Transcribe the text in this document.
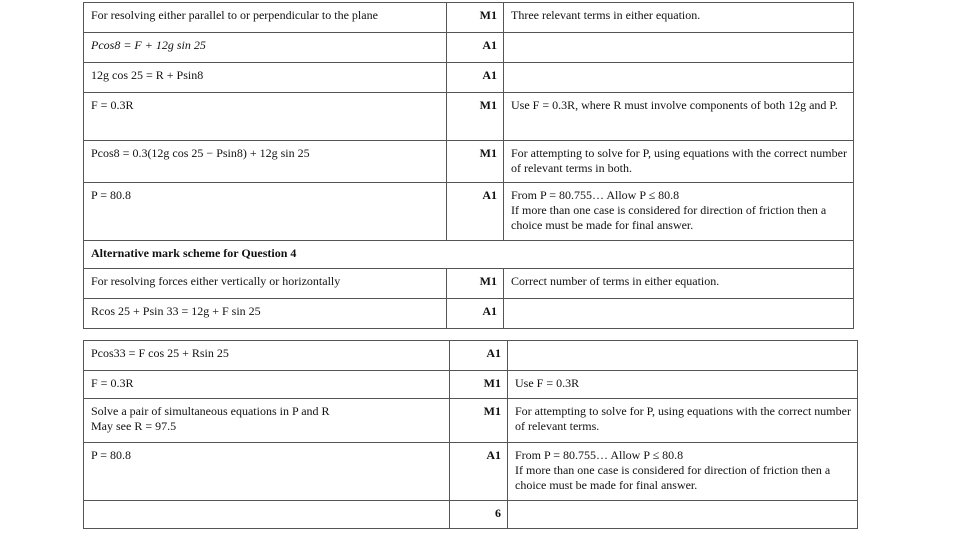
For resolving either parallel to or perpendicular to the plane	M1	Three relevant terms in either equation.
Pcos8 = F + 12g sin 25	A1	
12g cos 25 = R + Psin8	A1	
F = 0.3R	M1	Use F = 0.3R, where R must involve components of both 12g and P.
Pcos8 = 0.3(12g cos 25 − Psin8) + 12g sin 25	M1	For attempting to solve for P, using equations with the correct number of relevant terms in both.
P = 80.8	A1	From P = 80.755… Allow P ≤ 80.8
If more than one case is considered for direction of friction then a choice must be made for final answer.
Alternative mark scheme for Question 4		
For resolving forces either vertically or horizontally	M1	Correct number of terms in either equation.
Rcos 25 + Psin 33 = 12g + F sin 25	A1	
Pcos33 = F cos 25 + Rsin 25	A1	
F = 0.3R	M1	Use F = 0.3R
Solve a pair of simultaneous equations in P and R
May see R = 97.5	M1	For attempting to solve for P, using equations with the correct number of relevant terms.
P = 80.8	A1	From P = 80.755… Allow P ≤ 80.8
If more than one case is considered for direction of friction then a choice must be made for final answer.
	6	
